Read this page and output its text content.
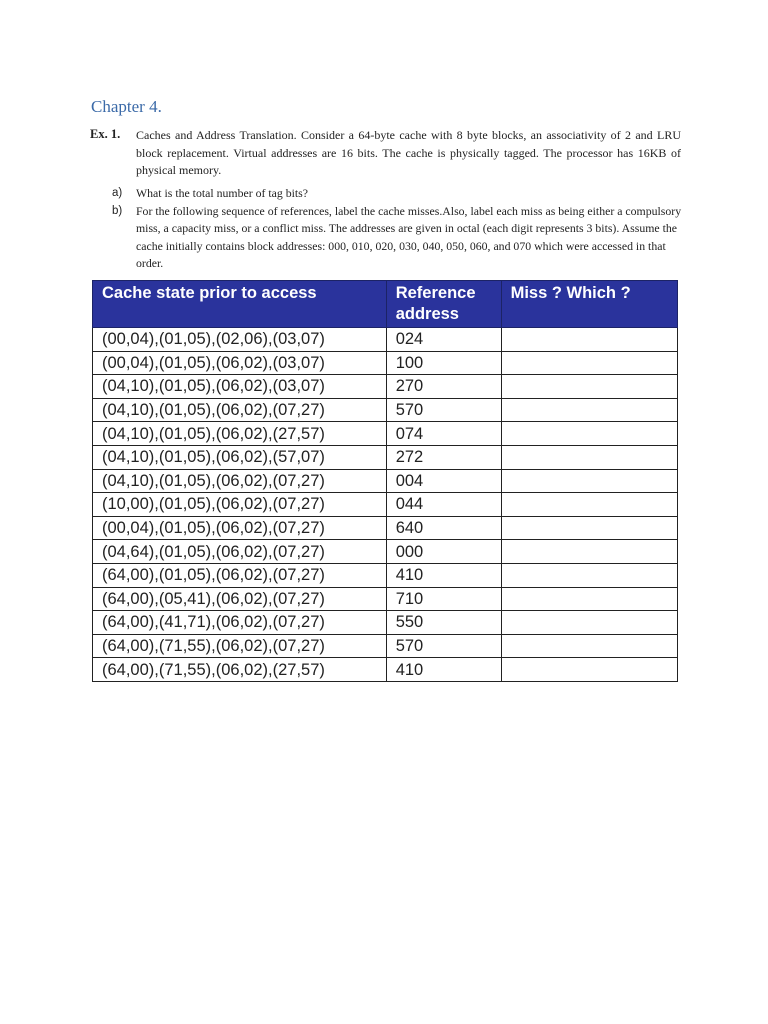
Chapter 4.
Ex. 1. Caches and Address Translation. Consider a 64-byte cache with 8 byte blocks, an associativity of 2 and LRU block replacement. Virtual addresses are 16 bits. The cache is physically tagged. The processor has 16KB of physical memory.
a) What is the total number of tag bits?
b) For the following sequence of references, label the cache misses.Also, label each miss as being either a compulsory miss, a capacity miss, or a conflict miss. The addresses are given in octal (each digit represents 3 bits). Assume the cache initially contains block addresses: 000, 010, 020, 030, 040, 050, 060, and 070 which were accessed in that order.
Cache state prior to access	Reference address	Miss ? Which ?
(00,04),(01,05),(02,06),(03,07)	024	
(00,04),(01,05),(06,02),(03,07)	100	
(04,10),(01,05),(06,02),(03,07)	270	
(04,10),(01,05),(06,02),(07,27)	570	
(04,10),(01,05),(06,02),(27,57)	074	
(04,10),(01,05),(06,02),(57,07)	272	
(04,10),(01,05),(06,02),(07,27)	004	
(10,00),(01,05),(06,02),(07,27)	044	
(00,04),(01,05),(06,02),(07,27)	640	
(04,64),(01,05),(06,02),(07,27)	000	
(64,00),(01,05),(06,02),(07,27)	410	
(64,00),(05,41),(06,02),(07,27)	710	
(64,00),(41,71),(06,02),(07,27)	550	
(64,00),(71,55),(06,02),(07,27)	570	
(64,00),(71,55),(06,02),(27,57)	410	
